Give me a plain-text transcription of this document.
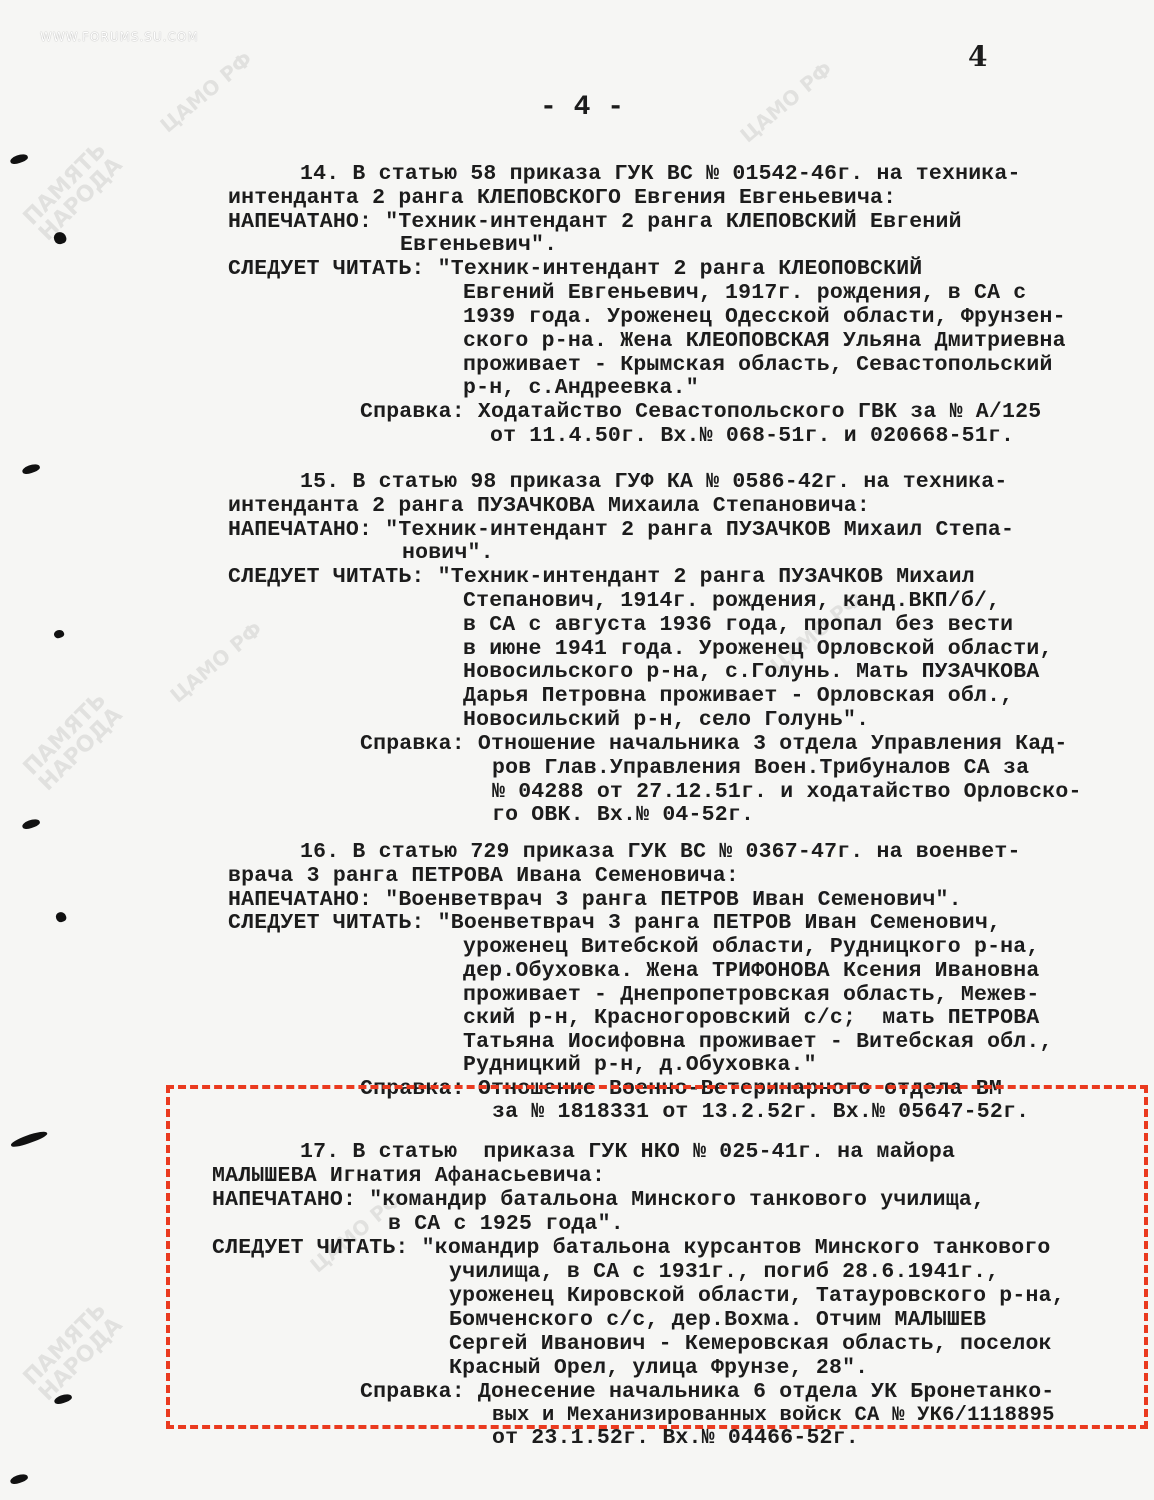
WWW.FORUMS.SU.COM
ЦАМО РФ	ЦАМО РФ
ЦАМО РФ	ЦАМО РФ
ЦАМО РФ
ПАМЯТЬ
НАРОДА
ПАМЯТЬ
НАРОДА
ПАМЯТЬ
НАРОДА
- 4 -
4
14. В статью 58 приказа ГУК ВС № 01542-46г. на техника-
интенданта 2 ранга КЛЕПОВСКОГО Евгения Евгеньевича:
НАПЕЧАТАНО: "Техник-интендант 2 ранга КЛЕПОВСКИЙ Евгений
Евгеньевич".
СЛЕДУЕТ ЧИТАТЬ: "Техник-интендант 2 ранга КЛЕОПОВСКИЙ
Евгений Евгеньевич, 1917г. рождения, в СА с
1939 года. Уроженец Одесской области, Фрунзен-
ского р-на. Жена КЛЕОПОВСКАЯ Ульяна Дмитриевна
проживает - Крымская область, Севастопольский
р-н, с.Андреевка."
Справка: Ходатайство Севастопольского ГВК за № А/125
от 11.4.50г. Вх.№ 068-51г. и 020668-51г.
15. В статью 98 приказа ГУФ КА № 0586-42г. на техника-
интенданта 2 ранга ПУЗАЧКОВА Михаила Степановича:
НАПЕЧАТАНО: "Техник-интендант 2 ранга ПУЗАЧКОВ Михаил Степа-
нович".
СЛЕДУЕТ ЧИТАТЬ: "Техник-интендант 2 ранга ПУЗАЧКОВ Михаил
Степанович, 1914г. рождения, канд.ВКП/б/,
в СА с августа 1936 года, пропал без вести
в июне 1941 года. Уроженец Орловской области,
Новосильского р-на, с.Голунь. Мать ПУЗАЧКОВА
Дарья Петровна проживает - Орловская обл.,
Новосильский р-н, село Голунь".
Справка: Отношение начальника 3 отдела Управления Кад-
ров Глав.Управления Воен.Трибуналов СА за
№ 04288 от 27.12.51г. и ходатайство Орловско-
го ОВК. Вх.№ 04-52г.
16. В статью 729 приказа ГУК ВС № 0367-47г. на военвет-
врача 3 ранга ПЕТРОВА Ивана Семеновича:
НАПЕЧАТАНО: "Военветврач 3 ранга ПЕТРОВ Иван Семенович".
СЛЕДУЕТ ЧИТАТЬ: "Военветврач 3 ранга ПЕТРОВ Иван Семенович,
уроженец Витебской области, Рудницкого р-на,
дер.Обуховка. Жена ТРИФОНОВА Ксения Ивановна
проживает - Днепропетровская область, Межев-
ский р-н, Красногоровский с/с;  мать ПЕТРОВА
Татьяна Иосифовна проживает - Витебская обл.,
Рудницкий р-н, д.Обуховка."
Справка: Отношение Военно-Ветеринарного отдела ВМ
за № 1818331 от 13.2.52г. Вх.№ 05647-52г.
17. В статью  приказа ГУК НКО № 025-41г. на майора
МАЛЫШЕВА Игнатия Афанасьевича:
НАПЕЧАТАНО: "командир батальона Минского танкового училища,
в СА с 1925 года".
СЛЕДУЕТ ЧИТАТЬ: "командир батальона курсантов Минского танкового
училища, в СА с 1931г., погиб 28.6.1941г.,
уроженец Кировской области, Татауровского р-на,
Бомченского с/с, дер.Вохма. Отчим МАЛЫШЕВ
Сергей Иванович - Кемеровская область, поселок
Красный Орел, улица Фрунзе, 28".
Справка: Донесение начальника 6 отдела УК Бронетанко-
вых и Механизированных войск СА № УК6/1118895
от 23.1.52г. Вх.№ 04466-52г.
